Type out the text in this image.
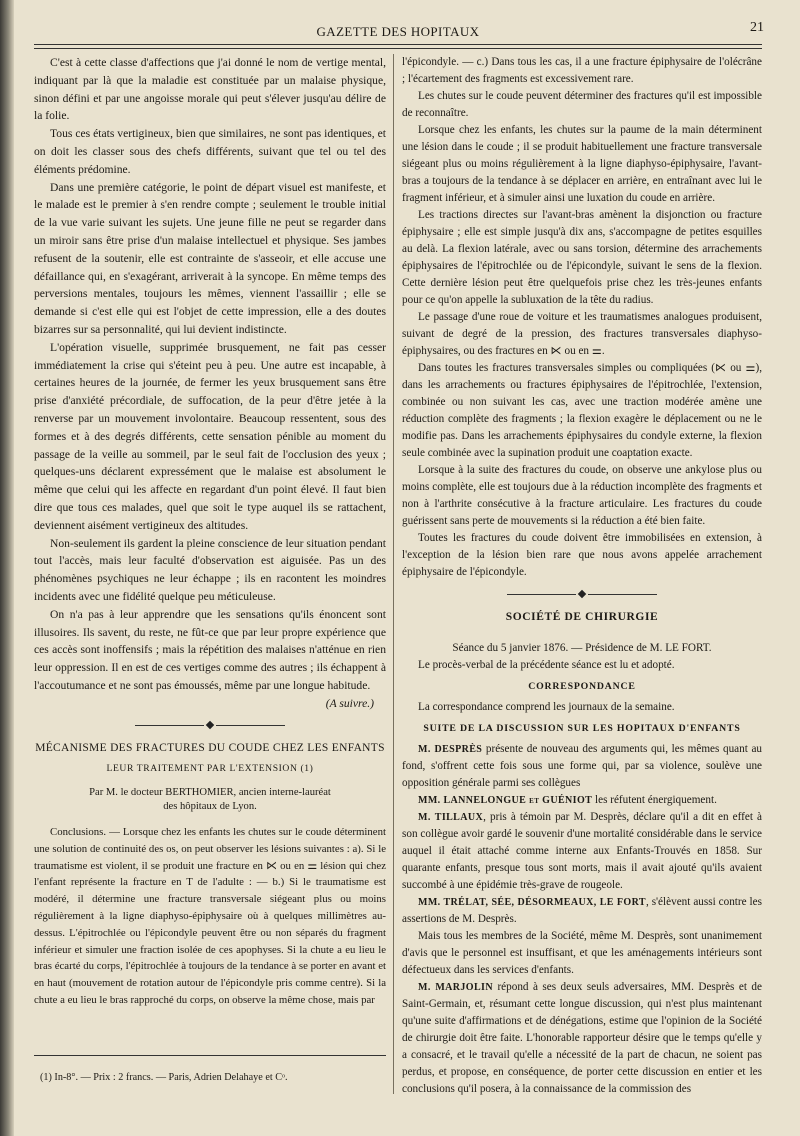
GAZETTE DES HOPITAUX	21

C'est à cette classe d'affections que j'ai donné le nom de vertige mental, indiquant par là que la maladie est constituée par un malaise physique, sinon défini et par une angoisse morale qui peut s'élever jusqu'au délire de la folie.

Tous ces états vertigineux, bien que similaires, ne sont pas identiques, et on doit les classer sous des chefs différents, suivant que tel ou tel des éléments prédomine.

Dans une première catégorie, le point de départ visuel est manifeste, et le malade est le premier à s'en rendre compte ; seulement le trouble initial de la vue varie suivant les sujets. Une jeune fille ne peut se regarder dans un miroir sans être prise d'un malaise intellectuel et physique. Ses jambes refusent de la soutenir, elle est contrainte de s'asseoir, et elle accuse une défaillance qui, en s'exagérant, arriverait à la syncope. En même temps des perversions mentales, toujours les mêmes, viennent l'assaillir ; elle se demande si c'est elle qui est l'objet de cette impression, elle a des doutes bizarres sur sa personnalité, qui lui devient indistincte.

L'opération visuelle, supprimée brusquement, ne fait pas cesser immédiatement la crise qui s'éteint peu à peu. Une autre est incapable, à certaines heures de la journée, de fermer les yeux brusquement sans être prise d'anxiété précordiale, de suffocation, de la peur d'être jetée à la renverse par un mouvement involontaire. Beaucoup ressentent, sous des formes et à des degrés différents, cette sensation pénible au moment du passage de la veille au sommeil, par le seul fait de l'occlusion des yeux ; quelques-uns déclarent expressément que le malaise est absolument le même que celui qui les affecte en regardant d'un point élevé. Il faut bien dire que tous ces malades, quel que soit le type auquel ils se rattachent, deviennent aisément vertigineux des altitudes.

Non-seulement ils gardent la pleine conscience de leur situation pendant tout l'accès, mais leur faculté d'observation est aiguisée. Pas un des phénomènes psychiques ne leur échappe ; ils en racontent les moindres incidents avec une fidélité quelque peu méticuleuse.

On n'a pas à leur apprendre que les sensations qu'ils énoncent sont illusoires. Ils savent, du reste, ne fût-ce que par leur propre expérience que ces accès sont inoffensifs ; mais la répétition des malaises n'atténue en rien leur oppression. Il en est de ces vertiges comme des autres ; ils échappent à l'accoutumance et ne sont pas émoussés, même par une longue habitude.

(A suivre.)
MÉCANISME DES FRACTURES DU COUDE CHEZ LES ENFANTS
LEUR TRAITEMENT PAR L'EXTENSION (1)
Par M. le docteur BERTHOMIER, ancien interne-lauréat
des hôpitaux de Lyon.

Conclusions. — Lorsque chez les enfants les chutes sur le coude déterminent une solution de continuité des os, on peut observer les lésions suivantes : a). Si le traumatisme est violent, il se produit une fracture en ⋉ ou en ⚌ lésion qui chez l'enfant représente la fracture en T de l'adulte : — b.) Si le traumatisme est modéré, il détermine une fracture transversale siégeant plus ou moins régulièrement à la ligne diaphyso-épiphysaire où à quelques millimètres au-dessus. L'épitrochlée ou l'épicondyle peuvent être ou non séparés du fragment inférieur et simuler une fraction isolée de ces apophyses. Si la chute a eu lieu le bras écarté du corps, l'épitrochlée à toujours de la tendance à se porter en avant et en haut (mouvement de rotation autour de l'épicondyle pris comme centre). Si la chute a eu lieu le bras rapproché du corps, on observe la même chose, mais par

(1) In-8°. — Prix : 2 francs. — Paris, Adrien Delahaye et Cᵒ.

l'épicondyle. — c.) Dans tous les cas, il a une fracture épiphysaire de l'olécrâne ; l'écartement des fragments est excessivement rare.

Les chutes sur le coude peuvent déterminer des fractures qu'il est impossible de reconnaître.

Lorsque chez les enfants, les chutes sur la paume de la main déterminent une lésion dans le coude ; il se produit habituellement une fracture transversale siégeant plus ou moins régulièrement à la ligne diaphyso-épiphysaire, l'avant-bras a toujours de la tendance à se déplacer en arrière, en entraînant avec lui le fragment inférieur, et à simuler ainsi une luxation du coude en arrière.

Les tractions directes sur l'avant-bras amènent la disjonction ou fracture épiphysaire ; elle est simple jusqu'à dix ans, s'accompagne de petites esquilles au delà. La flexion latérale, avec ou sans torsion, détermine des arrachements épiphysaires de l'épitrochlée ou de l'épicondyle, suivant le sens de la flexion. Cette dernière lésion peut être quelquefois prise chez les très-jeunes enfants pour ce qu'on appelle la subluxation de la tête du radius.

Le passage d'une roue de voiture et les traumatismes analogues produisent, suivant de degré de la pression, des fractures transversales diaphyso-épiphysaires, ou des fractures en ⋉ ou en ⚌.

Dans toutes les fractures transversales simples ou compliquées (⋉ ou ⚌), dans les arrachements ou fractures épiphysaires de l'épitrochlée, l'extension, combinée ou non suivant les cas, avec une traction modérée amène une réduction complète des fragments ; la flexion exagère le déplacement ou ne le modifie pas. Dans les arrachements épiphysaires du condyle externe, la flexion seule combinée avec la supination produit une coaptation exacte.

Lorsque à la suite des fractures du coude, on observe une ankylose plus ou moins complète, elle est toujours due à la réduction incomplète des fragments et non à l'arthrite consécutive à la fracture articulaire. Les fractures du coude guérissent sans perte de mouvements si la réduction a été bien faite.

Toutes les fractures du coude doivent être immobilisées en extension, à l'exception de la lésion bien rare que nous avons appelée arrachement épiphysaire de l'épicondyle.

SOCIÉTÉ DE CHIRURGIE

Séance du 5 janvier 1876. — Présidence de M. LE FORT.

Le procès-verbal de la précédente séance est lu et adopté.

CORRESPONDANCE

La correspondance comprend les journaux de la semaine.

SUITE DE LA DISCUSSION SUR LES HOPITAUX D'ENFANTS

M. DESPRÈS présente de nouveau des arguments qui, les mêmes quant au fond, s'offrent cette fois sous une forme qui, par sa violence, soulève une opposition générale parmi ses collègues

MM. LANNELONGUE et GUÉNIOT les réfutent énergiquement.

M. TILLAUX, pris à témoin par M. Desprès, déclare qu'il a dit en effet à son collègue avoir gardé le souvenir d'une mortalité considérable dans le service auquel il était attaché comme interne aux Enfants-Trouvés en 1858. Sur quarante enfants, presque tous sont morts, mais il avait ajouté qu'ils avaient succombé à une épidémie très-grave de rougeole.

MM. TRÉLAT, SÉE, DÉSORMEAUX, LE FORT, s'élèvent aussi contre les assertions de M. Desprès.

Mais tous les membres de la Société, même M. Desprès, sont unanimement d'avis que le personnel est insuffisant, et que les aménagements intérieurs sont défectueux dans les services d'enfants.

M. MARJOLIN répond à ses deux seuls adversaires, MM. Desprès et de Saint-Germain, et, résumant cette longue discussion, qui n'est plus maintenant qu'une suite d'affirmations et de dénégations, estime que l'opinion de la Société de chirurgie doit être faite. L'honorable rapporteur désire que le temps qu'elle y a consacré, et le travail qu'elle a nécessité de la part de chacun, ne soient pas perdus, et propose, en conséquence, de porter cette discussion en entier et les conclusions qu'il posera, à la connaissance de la commission des
